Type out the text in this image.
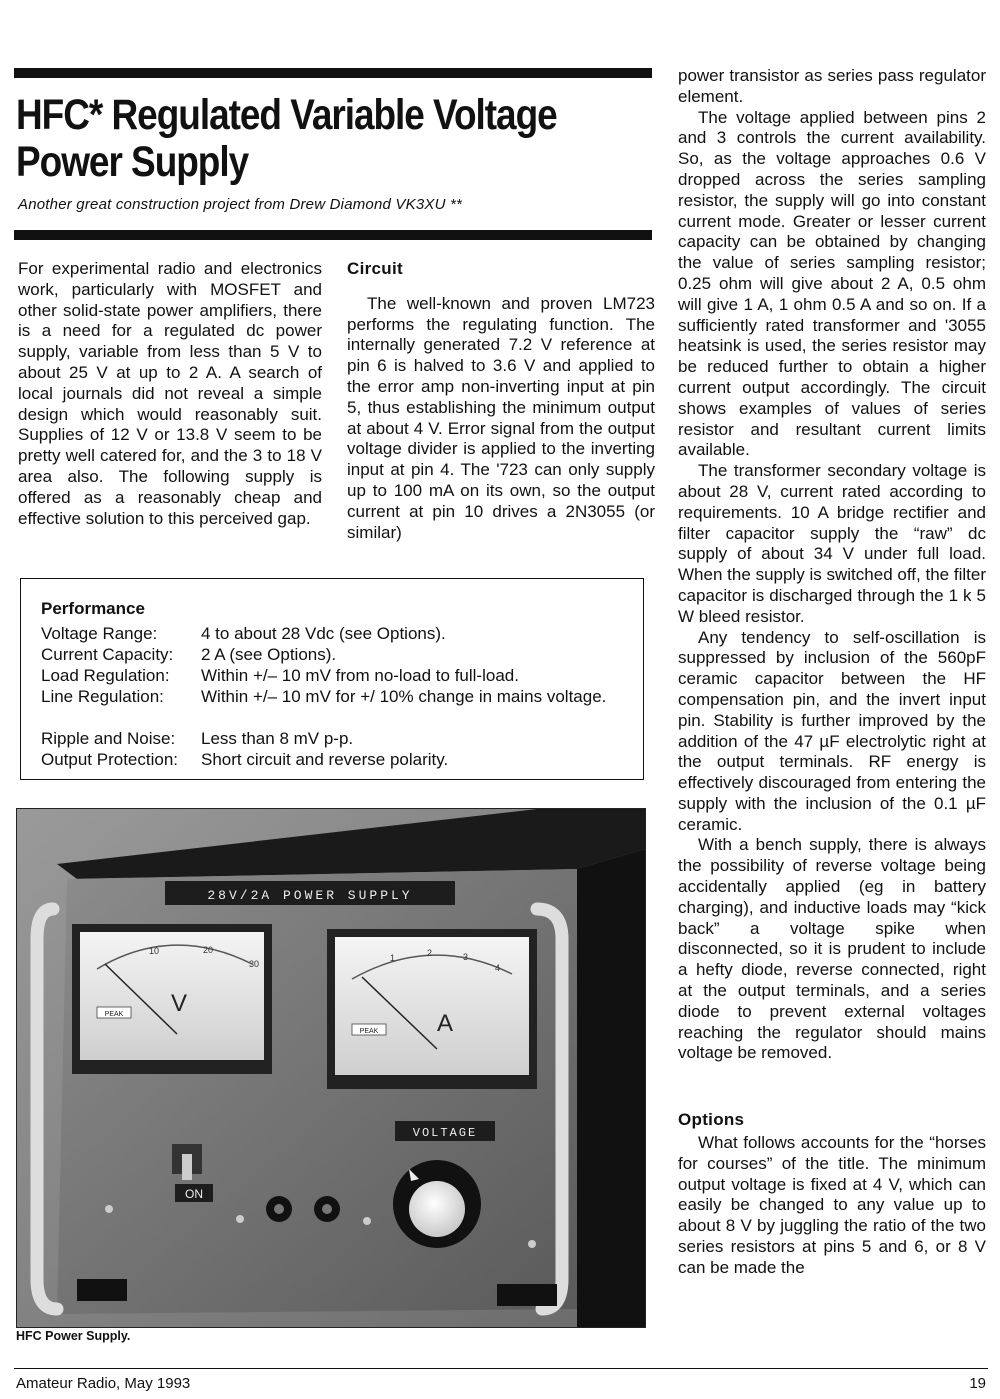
HFC* Regulated Variable Voltage
Power Supply
Another great construction project from Drew Diamond VK3XU **

For experimental radio and electronics work, particularly with MOSFET and other solid-state power amplifiers, there is a need for a regulated dc power supply, variable from less than 5 V to about 25 V at up to 2 A. A search of local journals did not reveal a simple design which would reasonably suit. Supplies of 12 V or 13.8 V seem to be pretty well catered for, and the 3 to 18 V area also. The following supply is offered as a reasonably cheap and effective solution to this perceived gap.

Circuit

The well-known and proven LM723 performs the regulating function. The internally generated 7.2 V reference at pin 6 is halved to 3.6 V and applied to the error amp non-inverting input at pin 5, thus establishing the minimum output at about 4 V. Error signal from the output voltage divider is applied to the inverting input at pin 4. The '723 can only supply up to 100 mA on its own, so the output current at pin 10 drives a 2N3055 (or similar)

power transistor as series pass regulator element.

The voltage applied between pins 2 and 3 controls the current availability. So, as the voltage approaches 0.6 V dropped across the series sampling resistor, the supply will go into constant current mode. Greater or lesser current capacity can be obtained by changing the value of series sampling resistor; 0.25 ohm will give about 2 A, 0.5 ohm will give 1 A, 1 ohm 0.5 A and so on. If a sufficiently rated transformer and '3055 heatsink is used, the series resistor may be reduced further to obtain a higher current output accordingly. The circuit shows examples of values of series resistor and resultant current limits available.

The transformer secondary voltage is about 28 V, current rated according to requirements. 10 A bridge rectifier and filter capacitor supply the “raw” dc supply of about 34 V under full load. When the supply is switched off, the filter capacitor is discharged through the 1 k 5 W bleed resistor.

Any tendency to self-oscillation is suppressed by inclusion of the 560pF ceramic capacitor between the HF compensation pin, and the invert input pin. Stability is further improved by the addition of the 47 µF electrolytic right at the output terminals. RF energy is effectively discouraged from entering the supply with the inclusion of the 0.1 µF ceramic.

With a bench supply, there is always the possibility of reverse voltage being accidentally applied (eg in battery charging), and inductive loads may “kick back” a voltage spike when disconnected, so it is prudent to include a hefty diode, reverse connected, right at the output terminals, and a series diode to prevent external voltages reaching the regulator should mains voltage be removed.

Options

What follows accounts for the “horses for courses” of the title. The minimum output voltage is fixed at 4 V, which can easily be changed to any value up to about 8 V by juggling the ratio of the two series resistors at pins 5 and 6, or 8 V can be made the

Performance
Voltage Range:	4 to about 28 Vdc (see Options).
Current Capacity:	2 A (see Options).
Load Regulation:	Within +/– 10 mV from no-load to full-load.
Line Regulation:	Within +/– 10 mV for +/ 10% change in mains voltage.
Ripple and Noise:	Less than 8 mV p-p.
Output Protection:	Short circuit and reverse polarity.
28V/2A POWER SUPPLY
10	20
30
PEAK V
1	2	3
4
PEAK A
VOLTAGE
ON
HFC Power Supply.
Amateur Radio, May 1993	19
